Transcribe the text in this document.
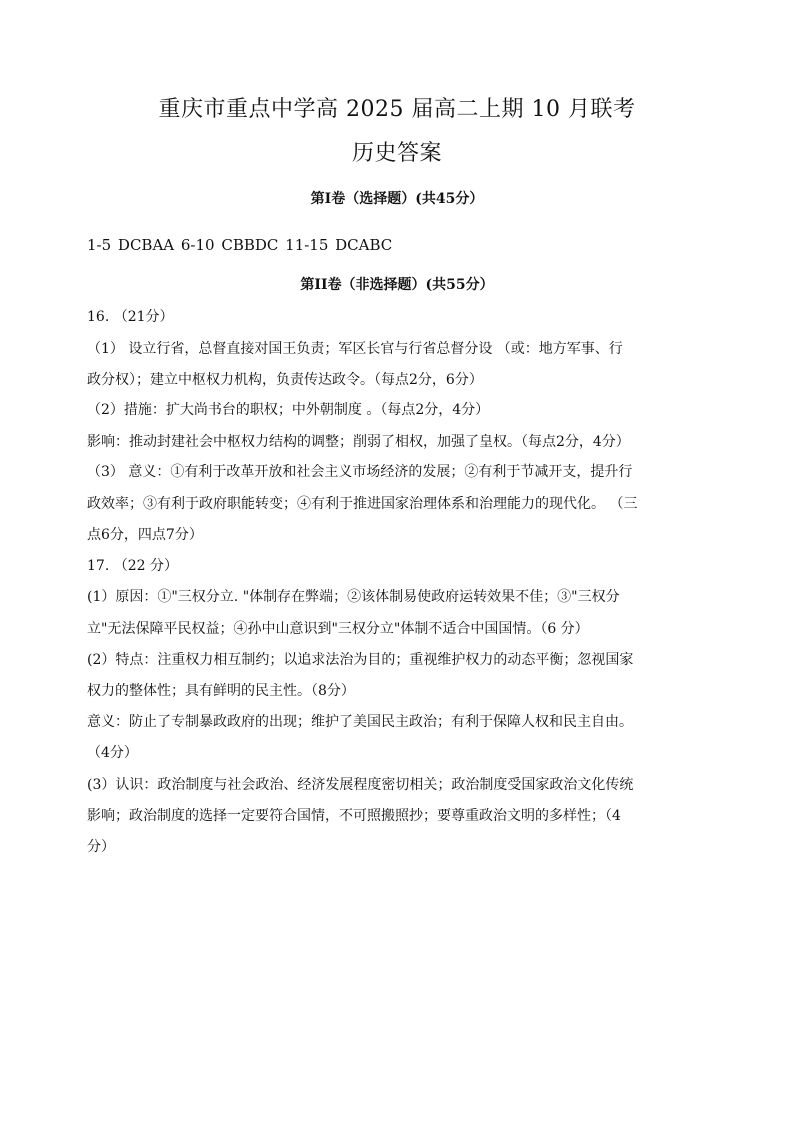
重庆市重点中学高 2025 届高二上期 10 月联考
历史答案
第Ⅰ卷（选择题）(共45分）
1-5 DCBAA 6-10 CBBDC 11-15 DCABC
第II卷（非选择题）(共55分）
16. （21分）
（1） 设立行省，总督直接对国王负责；军区长官与行省总督分设 （或：地方军事、行
政分权）；建立中枢权力机构，负责传达政令。（每点2分，6分）
（2）措施：扩大尚书台的职权；中外朝制度 。（每点2分，4分）
影响：推动封建社会中枢权力结构的调整；削弱了相权，加强了皇权。（每点2分，4分）
（3） 意义：①有利于改革开放和社会主义市场经济的发展；②有利于节减开支，提升行
政效率；③有利于政府职能转变；④有利于推进国家治理体系和治理能力的现代化。 （三
点6分，四点7分）
17. （22 分）
(1）原因：①"三权分立. "体制存在弊端；②该体制易使政府运转效果不佳；③"三权分
立"无法保障平民权益；④孙中山意识到"三权分立"体制不适合中国国情。（6 分）
(2）特点：注重权力相互制约；以追求法治为目的；重视维护权力的动态平衡；忽视国家
权力的整体性；具有鲜明的民主性。（8分）
意义：防止了专制暴政政府的出现；维护了美国民主政治；有利于保障人权和民主自由。
（4分）
(3）认识：政治制度与社会政治、经济发展程度密切相关；政治制度受国家政治文化传统
影响；政治制度的选择一定要符合国情，不可照搬照抄；要尊重政治文明的多样性；（4
分）
